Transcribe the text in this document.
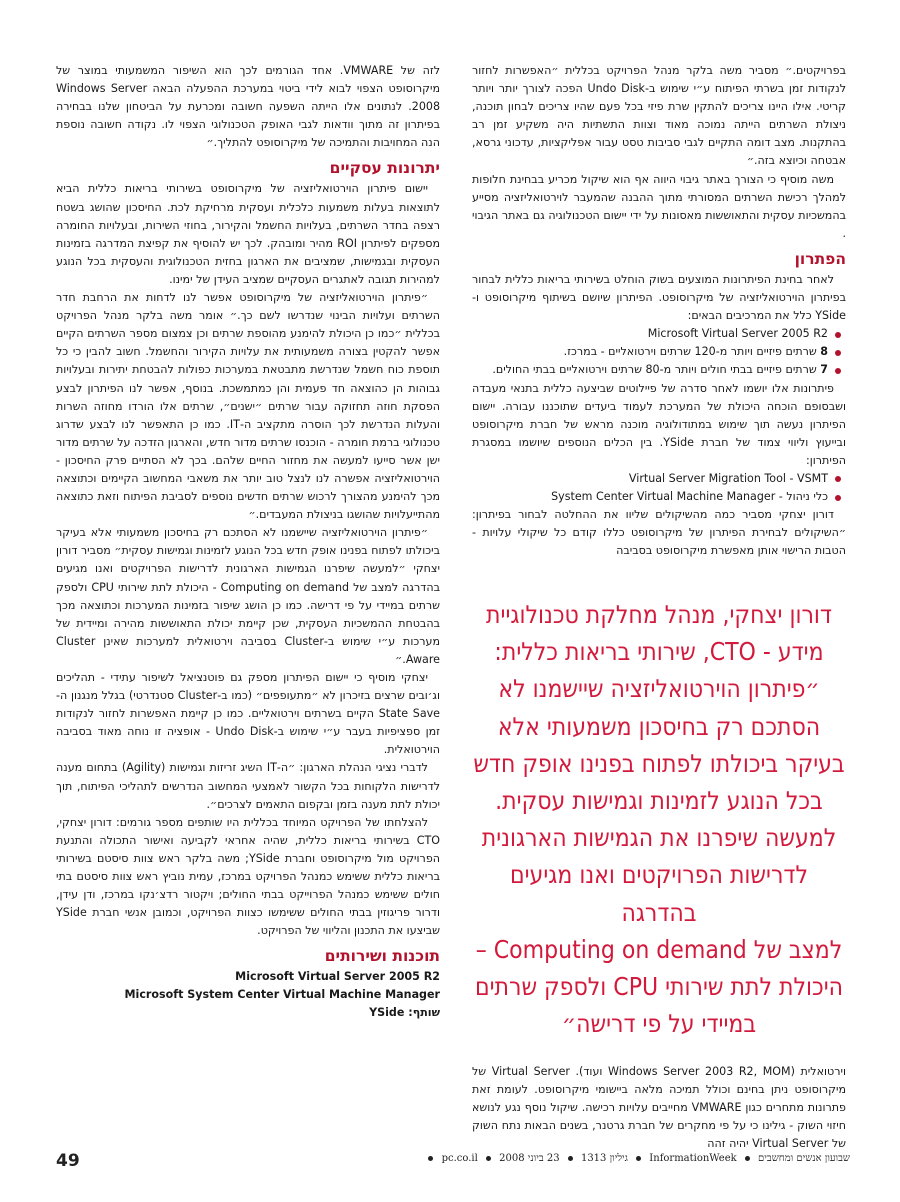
לזה של VMWARE. אחד הגורמים לכך הוא השיפור המשמעותי במוצר של מיקרוסופט הצפוי לבוא לידי ביטוי במערכת ההפעלה הבאה Windows Server 2008. לנתונים אלו הייתה השפעה חשובה ומכרעת על הביטחון שלנו בבחירה בפיתרון זה מתוך וודאות לגבי האופק הטכנולוגי הצפוי לו. נקודה חשובה נוספת הנה המחויבות והתמיכה של מיקרוסופט להתליך.״

יתרונות עסקיים

יישום פיתרון הוירטואליזציה של מיקרוסופט בשירותי בריאות כללית הביא לתוצאות בעלות משמעות כלכלית ועסקית מרחיקת לכת. החיסכון שהושג בשטח רצפה בחדר השרתים, בעלויות החשמל והקירור, בחוזי השירות, ובעלויות החומרה מספקים לפיתרון ROI מהיר ומובהק. לכך יש להוסיף את קפיצת המדרגה בזמינות העסקית ובגמישות, שמציבים את הארגון בחזית הטכנולוגית והעסקית בכל הנוגע למהירות תגובה לאתגרים העסקיים שמציב העידן של ימינו.

״פיתרון הוירטואליזציה של מיקרוסופט אפשר לנו לדחות את הרחבת חדר השרתים ועלויות הבינוי שנדרשו לשם כך.״ אומר משה בלקר מנהל הפרויקט בכללית ״כמו כן היכולת להימנע מהוספת שרתים וכן צמצום מספר השרתים הקיים אפשר להקטין בצורה משמעותית את עלויות הקירור והחשמל. חשוב להבין כי כל תוספת כוח חשמל שנדרשת מתבטאת במערכות כפולות להבטחת יתירות ובעלויות גבוהות הן כהוצאה חד פעמית והן כמתמשכת. בנוסף, אפשר לנו הפיתרון לבצע הפסקת חוזה תחזוקה עבור שרתים ״ישנים״, שרתים אלו הורדו מחוזה השרות והעלות הנדרשת לכך הוסרה מתקציב ה-IT. כמו כן התאפשר לנו לבצע שדרוג טכנולוגי ברמת חומרה - הוכנסו שרתים מדור חדש, והארגון הזדכה על שרתים מדור ישן אשר סייעו למעשה את מחזור החיים שלהם. בכך לא הסתיים פרק החיסכון - הוירטואליזציה אפשרה לנו לנצל טוב יותר את משאבי המחשוב הקיימים וכתוצאה מכך להימנע מהצורך לרכוש שרתים חדשים נוספים לסביבת הפיתוח וזאת כתוצאה מהתייעלויות שהושגו בניצולת המעבדים.״

״פיתרון הוירטואליזציה שיישמנו לא הסתכם רק בחיסכון משמעותי אלא בעיקר ביכולתו לפתוח בפנינו אופק חדש בכל הנוגע לזמינות וגמישות עסקית״ מסביר דורון יצחקי ״למעשה שיפרנו הגמישות הארגונית לדרישות הפרויקטים ואנו מגיעים בהדרגה למצב של Computing on demand - היכולת לתת שירותי CPU ולספק שרתים במיידי על פי דרישה. כמו כן הושג שיפור בזמינות המערכות וכתוצאה מכך בהבטחת ההמשכיות העסקית, שכן קיימת יכולת התאוששות מהירה ומיידית של מערכות ע״י שימוש ב-Cluster בסביבה וירטואלית למערכות שאינן Cluster Aware.״

יצחקי מוסיף כי יישום הפיתרון מספק גם פוטנציאל לשיפור עתידי - תהליכים וג׳ובים שרצים בזיכרון לא ״מתעופפים״ (כמו ב-Cluster סטנדרטי) בגלל מנגנון ה-State Save הקיים בשרתים וירטואליים. כמו כן קיימת האפשרות לחזור לנקודות זמן ספציפיות בעבר ע״י שימוש ב-Undo Disk - אופציה זו נוחה מאוד בסביבה הוירטואלית.

לדברי נציגי הנהלת הארגון: ״ה-IT השיג זריזות וגמישות (Agility) בתחום מענה לדרישות הלקוחות בכל הקשור לאמצעי המחשוב הנדרשים לתהליכי הפיתוח, תוך יכולת לתת מענה בזמן ובקפום התאמים לצרכים״.

להצלחתו של הפרויקט המיוחד בכללית היו שותפים מספר גורמים: דורון יצחקי, CTO בשירותי בריאות כללית, שהיה אחראי לקביעה ואישור התכולה והתנעת הפרויקט מול מיקרוסופט וחברת YSide; משה בלקר ראש צוות סיסטם בשירותי בריאות כללית ששימש כמנהל הפרויקט במרכז, עמית נוביץ ראש צוות סיסטם בתי חולים ששימש כמנהל הפרוייקט בבתי החולים; ויקטור רדצ׳נקו במרכז, ודן עידן, ודרור פריגוזין בבתי החולים ששימשו כצוות הפרויקט, וכמובן אנשי חברת YSide שביצעו את התכנון והליווי של הפרויקט.

תוכנות ושירותים

Microsoft Virtual Server 2005 R2

Microsoft System Center Virtual Machine Manager

שותף: YSide

בפרויקטים.״ מסביר משה בלקר מנהל הפרויקט בכללית ״האפשרות לחזור לנקודות זמן בשרתי הפיתוח ע״י שימוש ב-Undo Disk הפכה לצורך יותר ויותר קריטי. אילו היינו צריכים להתקין שרת פיזי בכל פעם שהיו צריכים לבחון תוכנה, ניצולת השרתים הייתה נמוכה מאוד וצוות התשתיות היה משקיע זמן רב בהתקנות. מצב דומה התקיים לגבי סביבות טסט עבור אפליקציות, עדכוני גרסא, אבטחה וכיוצא בזה.״

משה מוסיף כי הצורך באתר גיבוי היווה אף הוא שיקול מכריע בבחינת חלופות למהלך רכישת השרתים המסורתי מתוך ההבנה שהמעבר לוירטואליזציה מסייע בהמשכיות עסקית והתאוששות מאסונות על ידי יישום הטכנולוגיה גם באתר הגיבוי .

הפתרון

לאחר בחינת הפיתרונות המוצעים בשוק הוחלט בשירותי בריאות כללית לבחור בפיתרון הוירטואליזציה של מיקרוסופט. הפיתרון שיושם בשיתוף מיקרוסופט ו-YSide כלל את המרכיבים הבאים:

Microsoft Virtual Server 2005 R2
8 שרתים פיזיים ויותר מ-120 שרתים וירטואליים - במרכז.
7 שרתים פיזיים בבתי חולים ויותר מ-80 שרתים וירטואליים בבתי החולים.

פיתרונות אלו יושמו לאחר סדרה של פיילוטים שביצעה כללית בתנאי מעבדה ושבסופם הוכחה היכולת של המערכת לעמוד ביעדים שתוכננו עבורה. יישום הפיתרון נעשה תוך שימוש במתודולוגיה מוכנה מראש של חברת מיקרוסופט ובייעוץ וליווי צמוד של חברת YSide. בין הכלים הנוספים שיושמו במסגרת הפיתרון:

Virtual Server Migration Tool - VSMT
כלי ניהול - System Center Virtual Machine Manager

דורון יצחקי מסביר כמה מהשיקולים שליוו את ההחלטה לבחור בפיתרון: ״השיקולים לבחירת הפיתרון של מיקרוסופט כללו קודם כל שיקולי עלויות - הטבות הרישוי אותן מאפשרת מיקרוסופט בסביבה

דורון יצחקי, מנהל מחלקת טכנולוגיית
מידע - CTO, שירותי בריאות כללית:
״פיתרון הוירטואליזציה שיישמנו לא
הסתכם רק בחיסכון משמעותי אלא
בעיקר ביכולתו לפתוח בפנינו אופק חדש
בכל הנוגע לזמינות וגמישות עסקית.
למעשה שיפרנו את הגמישות הארגונית
לדרישות הפרויקטים ואנו מגיעים בהדרגה
למצב של Computing on demand –
היכולת לתת שירותי CPU ולספק שרתים
במיידי על פי דרישה״

וירטואלית (Windows Server 2003 R2, MOM ועוד). Virtual Server של מיקרוסופט ניתן בחינם וכולל תמיכה מלאה ביישומי מיקרוסופט. לעומת זאת פתרונות מתחרים כגון VMWARE מחייבים עלויות רכישה. שיקול נוסף נגע לנושא חיזוי השוק - גילינו כי על פי מחקרים של חברת גרטנר, בשנים הבאות נתח השוק של Virtual Server יהיה זהה

49	pc.co.il 23 ביוני 2008 גיליון 1313 InformationWeek שבועון אנשים ומחשבים
